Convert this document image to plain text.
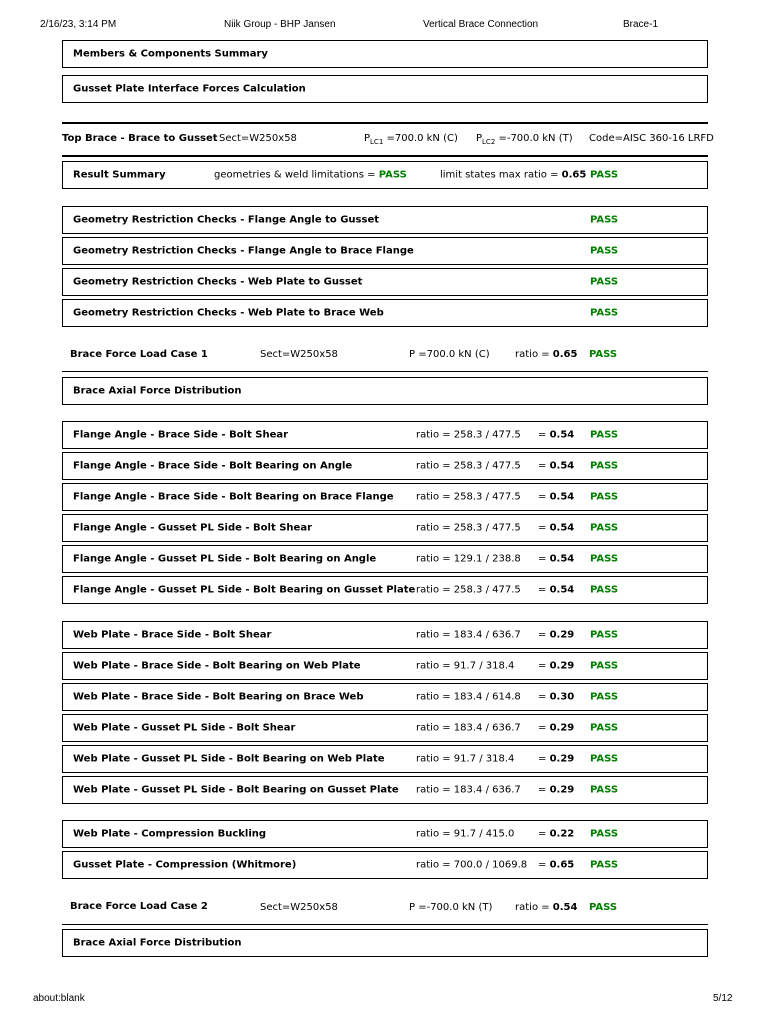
2/16/23, 3:14 PM	Niik Group - BHP Jansen	Vertical Brace Connection	Brace-1
Members & Components Summary
Gusset Plate Interface Forces Calculation
Top Brace - Brace to Gusset Sect=W250x58	$P_{LC1} =700.0$ kN (C) $P_{LC2} =-700.0$ kN (T) Code=AISC 360-16 LRFD
Result Summary	geometries & weld limitations = PASS	limit states max ratio = 0.65 PASS
Geometry Restriction Checks - Flange Angle to Gusset	PASS
Geometry Restriction Checks - Flange Angle to Brace Flange	PASS
Geometry Restriction Checks - Web Plate to Gusset	PASS
Geometry Restriction Checks - Web Plate to Brace Web	PASS
Brace Force Load Case 1	Sect=W250x58	P =700.0 kN (C)	ratio = 0.65 PASS
Brace Axial Force Distribution
Flange Angle - Brace Side - Bolt Shear	ratio = 258.3 / 477.5 = 0.54 PASS
Flange Angle - Brace Side - Bolt Bearing on Angle	ratio = 258.3 / 477.5 = 0.54 PASS
Flange Angle - Brace Side - Bolt Bearing on Brace Flange ratio = 258.3 / 477.5 = 0.54 PASS
Flange Angle - Gusset PL Side - Bolt Shear	ratio = 258.3 / 477.5 = 0.54 PASS
Flange Angle - Gusset PL Side - Bolt Bearing on Angle	ratio = 129.1 / 238.8 = 0.54 PASS
Flange Angle - Gusset PL Side - Bolt Bearing on Gusset Plate ratio = 258.3 / 477.5 = 0.54 PASS
Web Plate - Brace Side - Bolt Shear	ratio = 183.4 / 636.7 = 0.29 PASS
Web Plate - Brace Side - Bolt Bearing on Web Plate	ratio = 91.7 / 318.4 = 0.29 PASS
Web Plate - Brace Side - Bolt Bearing on Brace Web	ratio = 183.4 / 614.8 = 0.30 PASS
Web Plate - Gusset PL Side - Bolt Shear	ratio = 183.4 / 636.7 = 0.29 PASS
Web Plate - Gusset PL Side - Bolt Bearing on Web Plate	ratio = 91.7 / 318.4 = 0.29 PASS
Web Plate - Gusset PL Side - Bolt Bearing on Gusset Plate ratio = 183.4 / 636.7 = 0.29 PASS
Web Plate - Compression Buckling	ratio = 91.7 / 415.0 = 0.22 PASS
Gusset Plate - Compression (Whitmore)	ratio = 700.0 / 1069.8 = 0.65 PASS
Brace Force Load Case 2	Sect=W250x58	P =-700.0 kN (T) ratio = 0.54 PASS
Brace Axial Force Distribution
about:blank	5/12
